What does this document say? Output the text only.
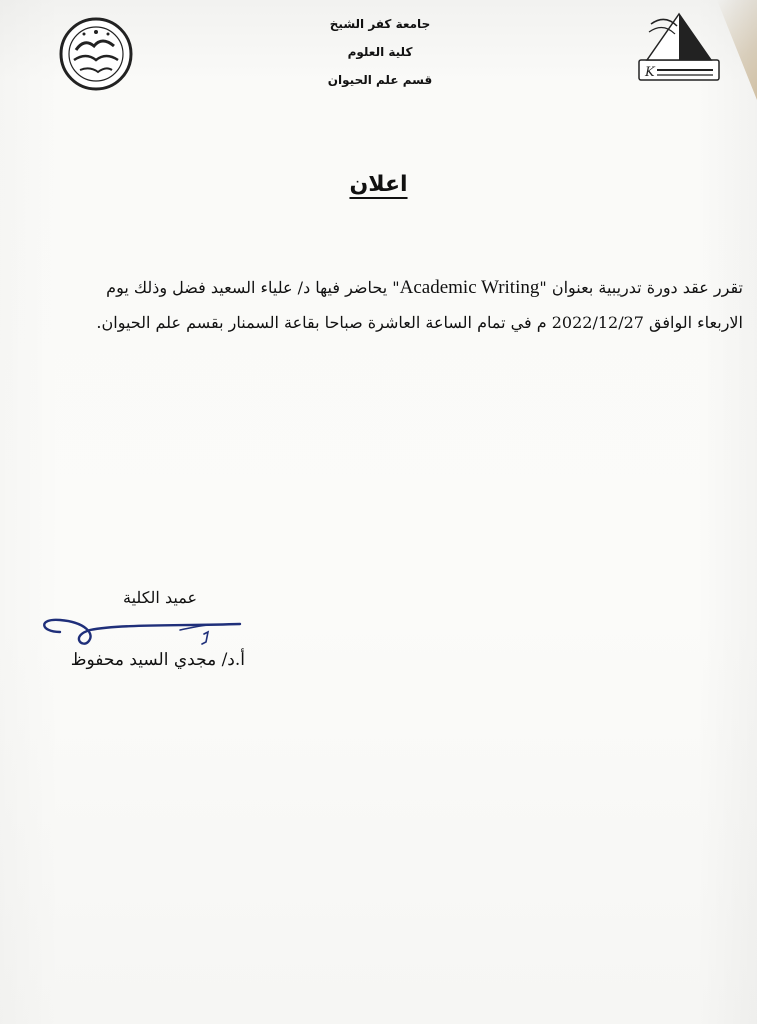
K
جامعة كفر الشيخ
كلية العلوم
قسم علم الحيوان
اعلان
تقرر عقد دورة تدريبية بعنوان "Academic Writing" يحاضر فيها د/ علياء السعيد فضل وذلك يوم
الاربعاء الوافق 2022/12/27 م في تمام الساعة العاشرة صباحا بقاعة السمنار بقسم علم الحيوان.
عميد الكلية
أ.د/ مجدي السيد محفوظ
